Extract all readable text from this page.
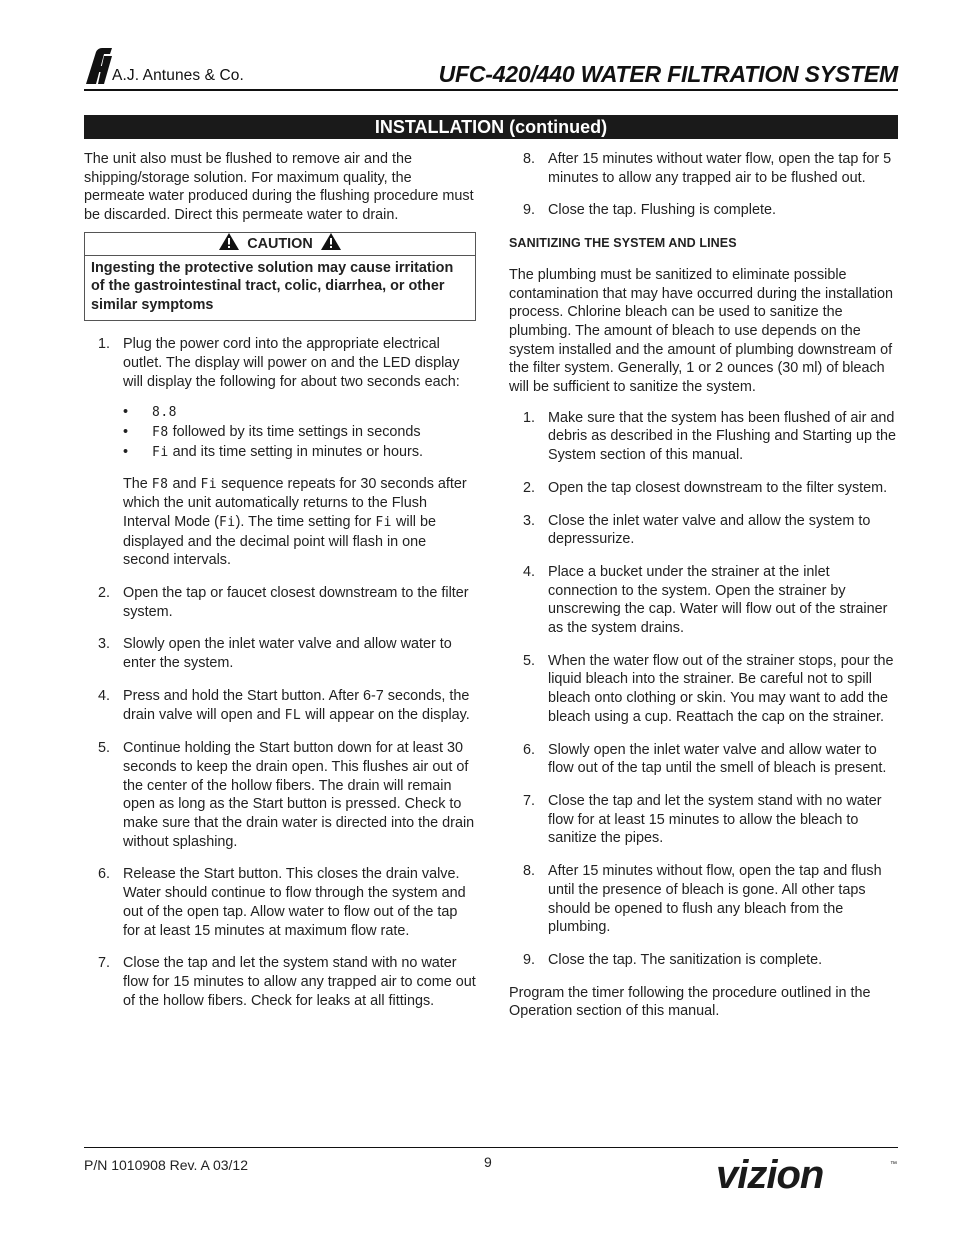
A.J. Antunes & Co.	UFC-420/440 WATER FILTRATION SYSTEM
INSTALLATION (continued)

The unit also must be flushed to remove air and the shipping/storage solution. For maximum quality, the permeate water produced during the flushing procedure must be discarded. Direct this permeate water to drain.

CAUTION
Ingesting the protective solution may cause irritation of the gastrointestinal tract, colic, diarrhea, or other similar symptoms
1. Plug the power cord into the appropriate electrical outlet. The display will power on and the LED display will display the following for about two seconds each:
• 8.8
• F8 followed by its time settings in seconds
• Fi and its time setting in minutes or hours.

The F8 and Fi sequence repeats for 30 seconds after which the unit automatically returns to the Flush Interval Mode (Fi). The time setting for Fi will be displayed and the decimal point will flash in one second intervals.

2. Open the tap or faucet closest downstream to the filter system.
3. Slowly open the inlet water valve and allow water to enter the system.
4. Press and hold the Start button. After 6-7 seconds, the drain valve will open and FL will appear on the display.
5. Continue holding the Start button down for at least 30 seconds to keep the drain open. This flushes air out of the center of the hollow fibers. The drain will remain open as long as the Start button is pressed. Check to make sure that the drain water is directed into the drain without splashing.
6. Release the Start button. This closes the drain valve. Water should continue to flow through the system and out of the open tap. Allow water to flow out of the tap for at least 15 minutes at maximum flow rate.
7. Close the tap and let the system stand with no water flow for 15 minutes to allow any trapped air to come out of the hollow fibers. Check for leaks at all fittings.
8. After 15 minutes without water flow, open the tap for 5 minutes to allow any trapped air to be flushed out.
9. Close the tap. Flushing is complete.
SANITIZING THE SYSTEM AND LINES

The plumbing must be sanitized to eliminate possible contamination that may have occurred during the installation process. Chlorine bleach can be used to sanitize the plumbing. The amount of bleach to use depends on the system installed and the amount of plumbing downstream of the filter system. Generally, 1 or 2 ounces (30 ml) of bleach will be sufficient to sanitize the system.

1. Make sure that the system has been flushed of air and debris as described in the Flushing and Starting up the System section of this manual.
2. Open the tap closest downstream to the filter system.
3. Close the inlet water valve and allow the system to depressurize.
4. Place a bucket under the strainer at the inlet connection to the system. Open the strainer by unscrewing the cap. Water will flow out of the strainer as the system drains.
5. When the water flow out of the strainer stops, pour the liquid bleach into the strainer. Be careful not to spill bleach onto clothing or skin. You may want to add the bleach using a cup. Reattach the cap on the strainer.
6. Slowly open the inlet water valve and allow water to flow out of the tap until the smell of bleach is present.
7. Close the tap and let the system stand with no water flow for at least 15 minutes to allow the bleach to sanitize the pipes.
8. After 15 minutes without flow, open the tap and flush until the presence of bleach is gone. All other taps should be opened to flush any bleach from the plumbing.
9. Close the tap. The sanitization is complete.

Program the timer following the procedure outlined in the Operation section of this manual.

P/N 1010908 Rev. A 03/12	9	vizion	™
